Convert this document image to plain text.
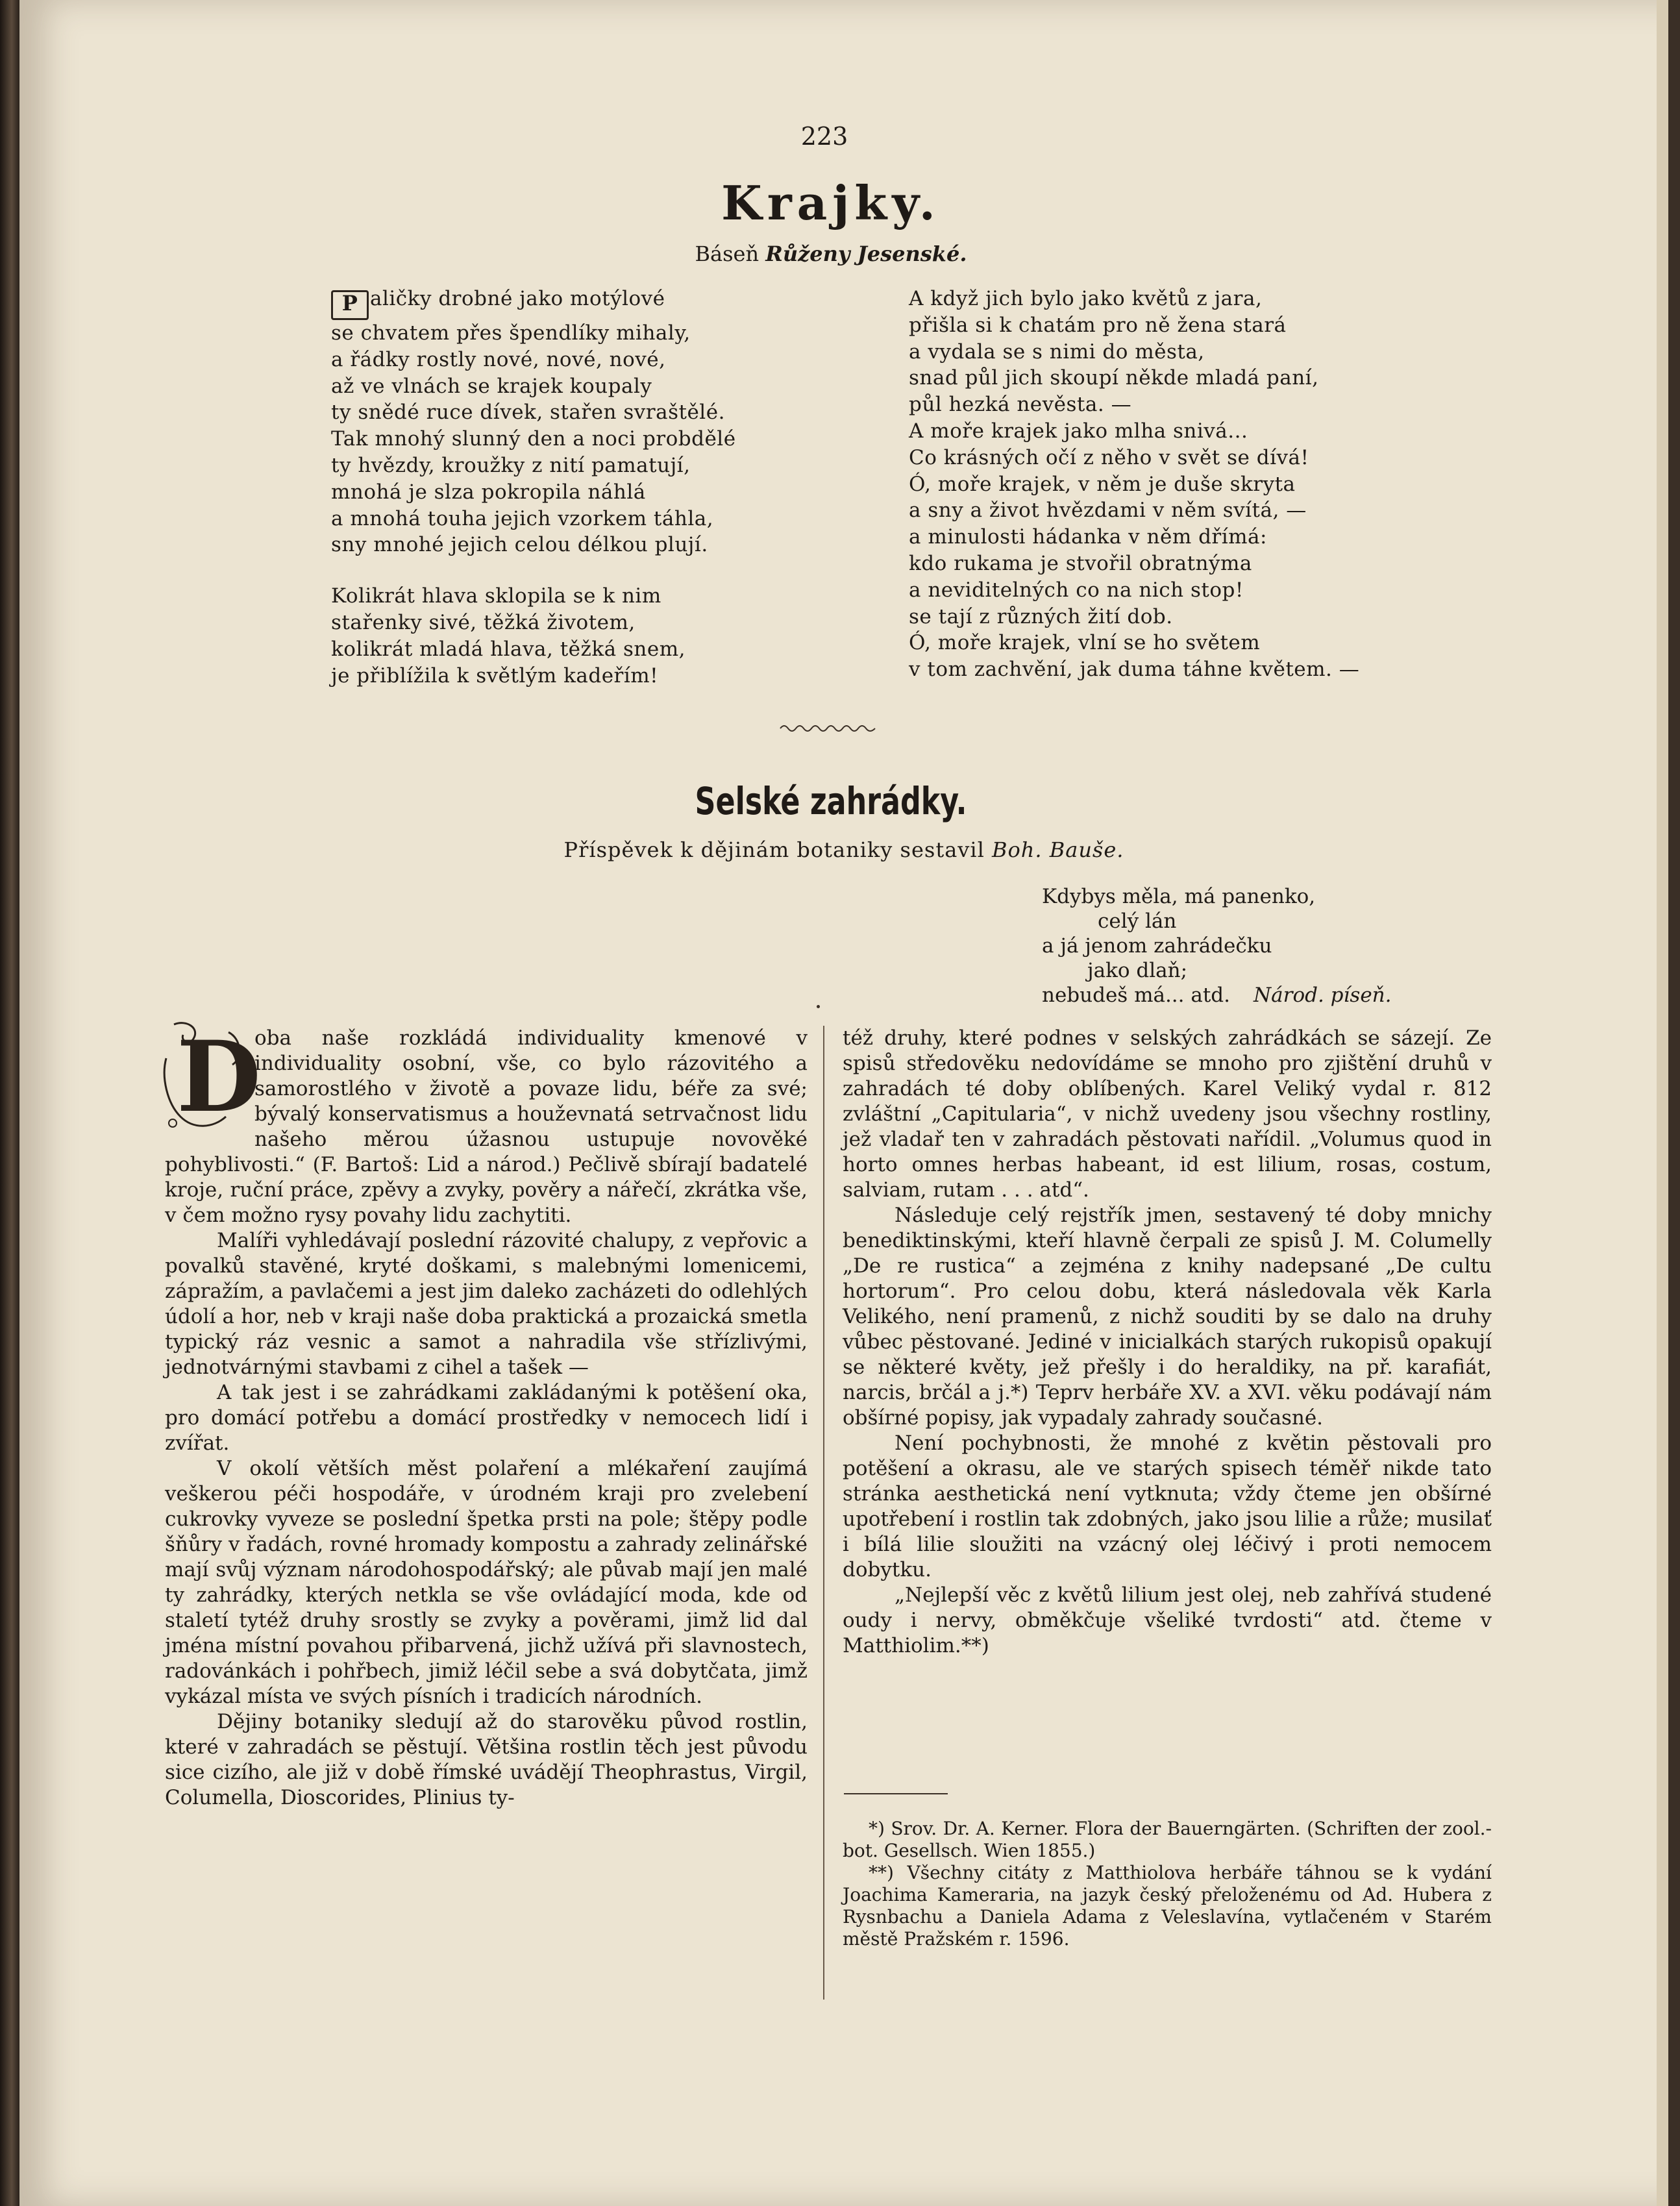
223
Krajky.
Báseň Růženy Jesenské.
P aličky drobné jako motýlové
se chvatem přes špendlíky mihaly,
a řádky rostly nové, nové, nové,
až ve vlnách se krajek koupaly
ty snědé ruce dívek, stařen svraštělé.
Tak mnohý slunný den a noci probdělé
ty hvězdy, kroužky z nití pamatují,
mnohá je slza pokropila náhlá
a mnohá touha jejich vzorkem táhla,
sny mnohé jejich celou délkou plují.
Kolikrát hlava sklopila se k nim
stařenky sivé, těžká životem,
kolikrát mladá hlava, těžká snem,
je přiblížila k světlým kadeřím!
A když jich bylo jako květů z jara,
přišla si k chatám pro ně žena stará
a vydala se s nimi do města,
snad půl jich skoupí někde mladá paní,
půl hezká nevěsta. —
A moře krajek jako mlha snivá...
Co krásných očí z něho v svět se dívá!
Ó, moře krajek, v něm je duše skryta
a sny a život hvězdami v něm svítá, —
a minulosti hádanka v něm dřímá:
kdo rukama je stvořil obratnýma
a neviditelných co na nich stop!
se tají z různých žití dob.
Ó, moře krajek, vlní se ho světem
v tom zachvění, jak duma táhne květem. —
Selské zahrádky.
Příspěvek k dějinám botaniky sestavil Boh. Bauše.
Kdybys měla, má panenko,
celý lán
a já jenom zahrádečku
jako dlaň;
nebudeš má... atd. Národ. píseň.
D

oba naše rozkládá individuality kmenové v individuality osobní, vše, co bylo rázovitého a samorostlého v životě a povaze lidu, béře za své; bývalý konservatismus a houževnatá setrvačnost lidu našeho měrou úžasnou ustupuje novověké pohyblivosti.“ (F. Bartoš: Lid a národ.) Pečlivě sbírají badatelé kroje, ruční práce, zpěvy a zvyky, pověry a nářečí, zkrátka vše, v čem možno rysy povahy lidu zachytiti.

Malíři vyhledávají poslední rázovité chalupy, z vepřovic a povalků stavěné, kryté doškami, s malebnými lomenicemi, zápražím, a pavlačemi a jest jim daleko zacházeti do odlehlých údolí a hor, neb v kraji naše doba praktická a prozaická smetla typický ráz vesnic a samot a nahradila vše střízlivými, jednotvárnými stavbami z cihel a tašek —

A tak jest i se zahrádkami zakládanými k potěšení oka, pro domácí potřebu a domácí prostředky v nemocech lidí i zvířat.

V okolí větších měst polaření a mlékaření zaujímá veškerou péči hospodáře, v úrodném kraji pro zvelebení cukrovky vyveze se poslední špetka prsti na pole; štěpy podle šňůry v řadách, rovné hromady kompostu a zahrady zelinářské mají svůj význam národohospodářský; ale půvab mají jen malé ty zahrádky, kterých netkla se vše ovládající moda, kde od staletí tytéž druhy srostly se zvyky a pověrami, jimž lid dal jména místní povahou přibarvená, jichž užívá při slavnostech, radovánkách i pohřbech, jimiž léčil sebe a svá dobytčata, jimž vykázal místa ve svých písních i tradicích národních.

Dějiny botaniky sledují až do starověku původ rostlin, které v zahradách se pěstují. Většina rostlin těch jest původu sice cizího, ale již v době římské uvádějí Theophrastus, Virgil, Columella, Dioscorides, Plinius ty-

též druhy, které podnes v selských zahrádkách se sázejí. Ze spisů středověku nedovídáme se mnoho pro zjištění druhů v zahradách té doby oblíbených. Karel Veliký vydal r. 812 zvláštní „Capitularia“, v nichž uvedeny jsou všechny rostliny, jež vladař ten v zahradách pěstovati nařídil. „Volumus quod in horto omnes herbas habeant, id est lilium, rosas, costum, salviam, rutam . . . atd“.

Následuje celý rejstřík jmen, sestavený té doby mnichy benediktinskými, kteří hlavně čerpali ze spisů J. M. Columelly „De re rustica“ a zejména z knihy nadepsané „De cultu hortorum“. Pro celou dobu, která následovala věk Karla Velikého, není pramenů, z nichž souditi by se dalo na druhy vůbec pěstované. Jediné v inicialkách starých rukopisů opakují se některé květy, jež přešly i do heraldiky, na př. karafiát, narcis, brčál a j.*) Teprv herbáře XV. a XVI. věku podávají nám obšírné popisy, jak vypadaly zahrady současné.

Není pochybnosti, že mnohé z květin pěstovali pro potěšení a okrasu, ale ve starých spisech téměř nikde tato stránka aesthetická není vytknuta; vždy čteme jen obšírné upotřebení i rostlin tak zdobných, jako jsou lilie a růže; musilať i bílá lilie sloužiti na vzácný olej léčivý i proti nemocem dobytku.

„Nejlepší věc z květů lilium jest olej, neb zahřívá studené oudy i nervy, obměkčuje všeliké tvrdosti“ atd. čteme v Matthiolim.**)

*) Srov. Dr. A. Kerner. Flora der Bauerngärten. (Schriften der zool.-bot. Gesellsch. Wien 1855.)

**) Všechny citáty z Matthiolova herbáře táhnou se k vydání Joachima Kameraria, na jazyk český přeloženému od Ad. Hubera z Rysnbachu a Daniela Adama z Veleslavína, vytlačeném v Starém městě Pražském r. 1596.
